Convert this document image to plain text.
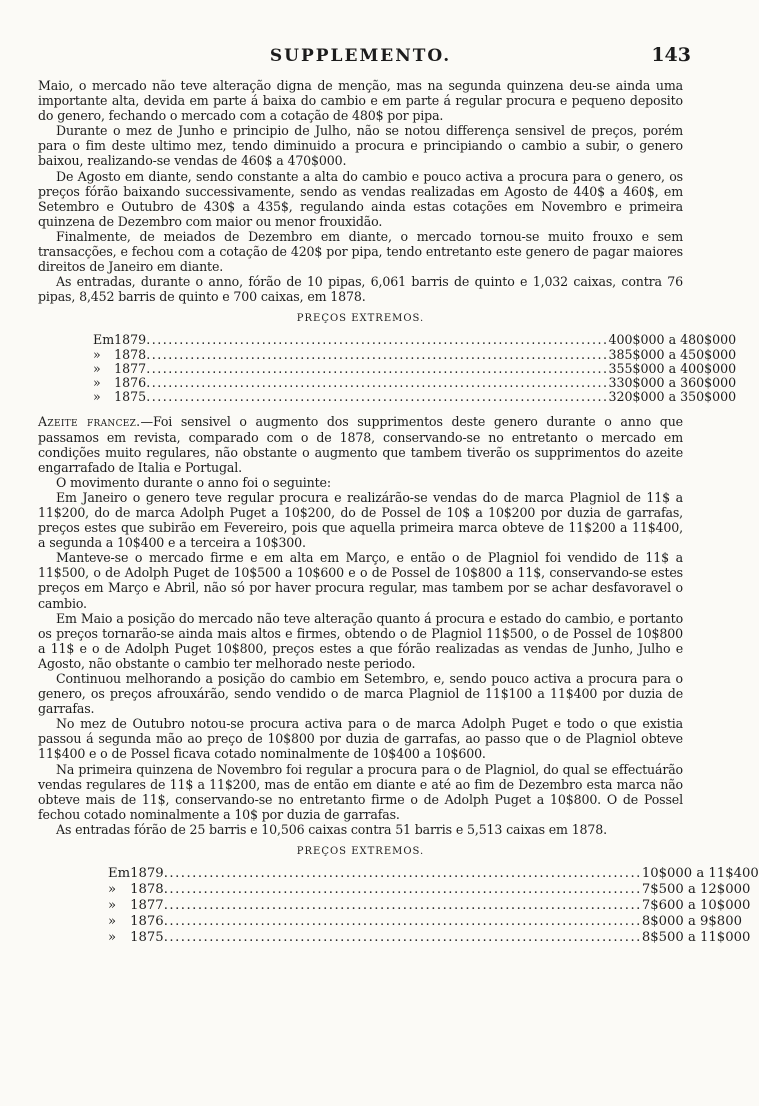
SUPPLEMENTO.	143

Maio, o mercado não teve alteração digna de menção, mas na segunda quinzena deu-se ainda uma importante alta, devida em parte á baixa do cambio e em parte á regular procura e pequeno deposito do genero, fechando o mercado com a cotação de 480$ por pipa.

Durante o mez de Junho e principio de Julho, não se notou differença sensivel de preços, porém para o fim deste ultimo mez, tendo diminuido a procura e principiando o cambio a subir, o genero baixou, realizando-se vendas de 460$ a 470$000.

De Agosto em diante, sendo constante a alta do cambio e pouco activa a procura para o genero, os preços fórão baixando successivamente, sendo as vendas realizadas em Agosto de 440$ a 460$, em Setembro e Outubro de 430$ a 435$, regulando ainda estas cotações em Novembro e primeira quinzena de Dezembro com maior ou menor frouxidão.

Finalmente, de meiados de Dezembro em diante, o mercado tornou-se muito frouxo e sem transacções, e fechou com a cotação de 420$ por pipa, tendo entretanto este genero de pagar maiores direitos de Janeiro em diante.

As entradas, durante o anno, fórão de 10 pipas, 6,061 barris de quinto e 1,032 caixas, contra 76 pipas, 8,452 barris de quinto e 700 caixas, em 1878.

PREÇOS EXTREMOS.
Em	1879	....................................................................................	400$000 a 480$000
»	1878	....................................................................................	385$000 a 450$000
»	1877	....................................................................................	355$000 a 400$000
»	1876	....................................................................................	330$000 a 360$000
»	1875	....................................................................................	320$000 a 350$000

Azeite francez.—Foi sensivel o augmento dos supprimentos deste genero durante o anno que passamos em revista, comparado com o de 1878, conservando-se no entretanto o mercado em condições muito regulares, não obstante o augmento que tambem tiverão os supprimentos do azeite engarrafado de Italia e Portugal.

O movimento durante o anno foi o seguinte:

Em Janeiro o genero teve regular procura e realizárão-se vendas do de marca Plagniol de 11$ a 11$200, do de marca Adolph Puget a 10$200, do de Possel de 10$ a 10$200 por duzia de garrafas, preços estes que subirão em Fevereiro, pois que aquella primeira marca obteve de 11$200 a 11$400, a segunda a 10$400 e a terceira a 10$300.

Manteve-se o mercado firme e em alta em Março, e então o de Plagniol foi vendido de 11$ a 11$500, o de Adolph Puget de 10$500 a 10$600 e o de Possel de 10$800 a 11$, conservando-se estes preços em Março e Abril, não só por haver procura regular, mas tambem por se achar desfavoravel o cambio.

Em Maio a posição do mercado não teve alteração quanto á procura e estado do cambio, e portanto os preços tornarão-se ainda mais altos e firmes, obtendo o de Plagniol 11$500, o de Possel de 10$800 a 11$ e o de Adolph Puget 10$800, preços estes a que fórão realizadas as vendas de Junho, Julho e Agosto, não obstante o cambio ter melhorado neste periodo.

Continuou melhorando a posição do cambio em Setembro, e, sendo pouco activa a procura para o genero, os preços afrouxárão, sendo vendido o de marca Plagniol de 11$100 a 11$400 por duzia de garrafas.

No mez de Outubro notou-se procura activa para o de marca Adolph Puget e todo o que existia passou á segunda mão ao preço de 10$800 por duzia de garrafas, ao passo que o de Plagniol obteve 11$400 e o de Possel ficava cotado nominalmente de 10$400 a 10$600.

Na primeira quinzena de Novembro foi regular a procura para o de Plagniol, do qual se effectuárão vendas regulares de 11$ a 11$200, mas de então em diante e até ao fim de Dezembro esta marca não obteve mais de 11$, conservando-se no entretanto firme o de Adolph Puget a 10$800. O de Possel fechou cotado nominalmente a 10$ por duzia de garrafas.

As entradas fórão de 25 barris e 10,506 caixas contra 51 barris e 5,513 caixas em 1878.

PREÇOS EXTREMOS.
Em	1879	....................................................................................	10$000 a 11$400
»	1878	....................................................................................	7$500 a 12$000
»	1877	....................................................................................	7$600 a 10$000
»	1876	....................................................................................	8$000 a 9$800
»	1875	....................................................................................	8$500 a 11$000
